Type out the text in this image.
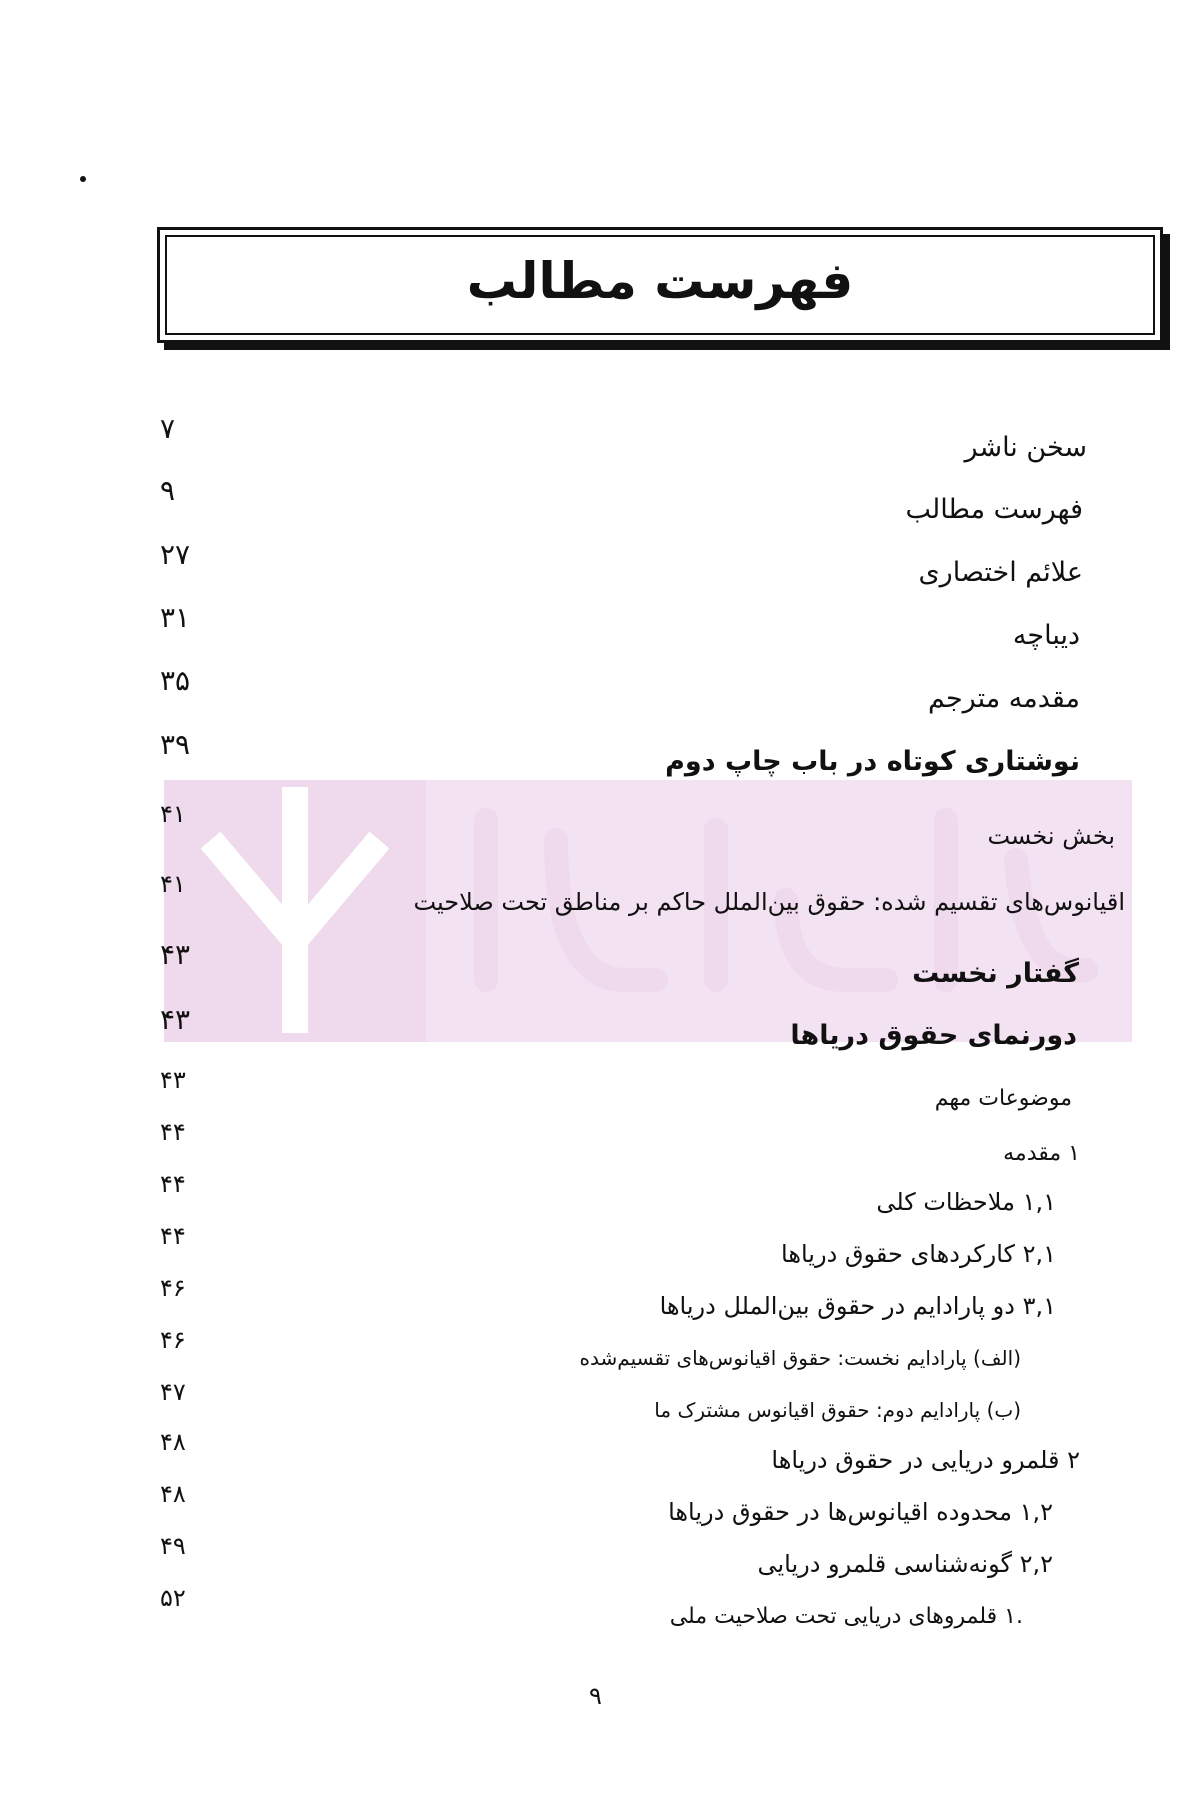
فهرست مطالب
سخن ناشر
۷
فهرست مطالب
۹
علائم اختصاری
۲۷
دیباچه
۳۱
مقدمه مترجم
۳۵
نوشتاری کوتاه در باب چاپ دوم
۳۹
بخش نخست
۴۱
اقیانوس‌های تقسیم شده: حقوق بین‌الملل حاکم بر مناطق تحت صلاحیت
۴۱
گفتار نخست
۴۳
دورنمای حقوق دریاها
۴۳
موضوعات مهم
۴۳
۱ مقدمه
۴۴
۱,۱ ملاحظات کلی
۴۴
۲,۱ کارکردهای حقوق دریاها
۴۴
۳,۱ دو پارادایم در حقوق بین‌الملل دریاها
۴۶
(الف) پارادایم نخست: حقوق اقیانوس‌های تقسیم‌شده
۴۶
(ب) پارادایم دوم: حقوق اقیانوس مشترک ما
۴۷
۲ قلمرو دریایی در حقوق دریاها
۴۸
۱,۲ محدوده اقیانوس‌ها در حقوق دریاها
۴۸
۲,۲ گونه‌شناسی قلمرو دریایی
۴۹
.۱ قلمروهای دریایی تحت صلاحیت ملی
۵۲
۹
